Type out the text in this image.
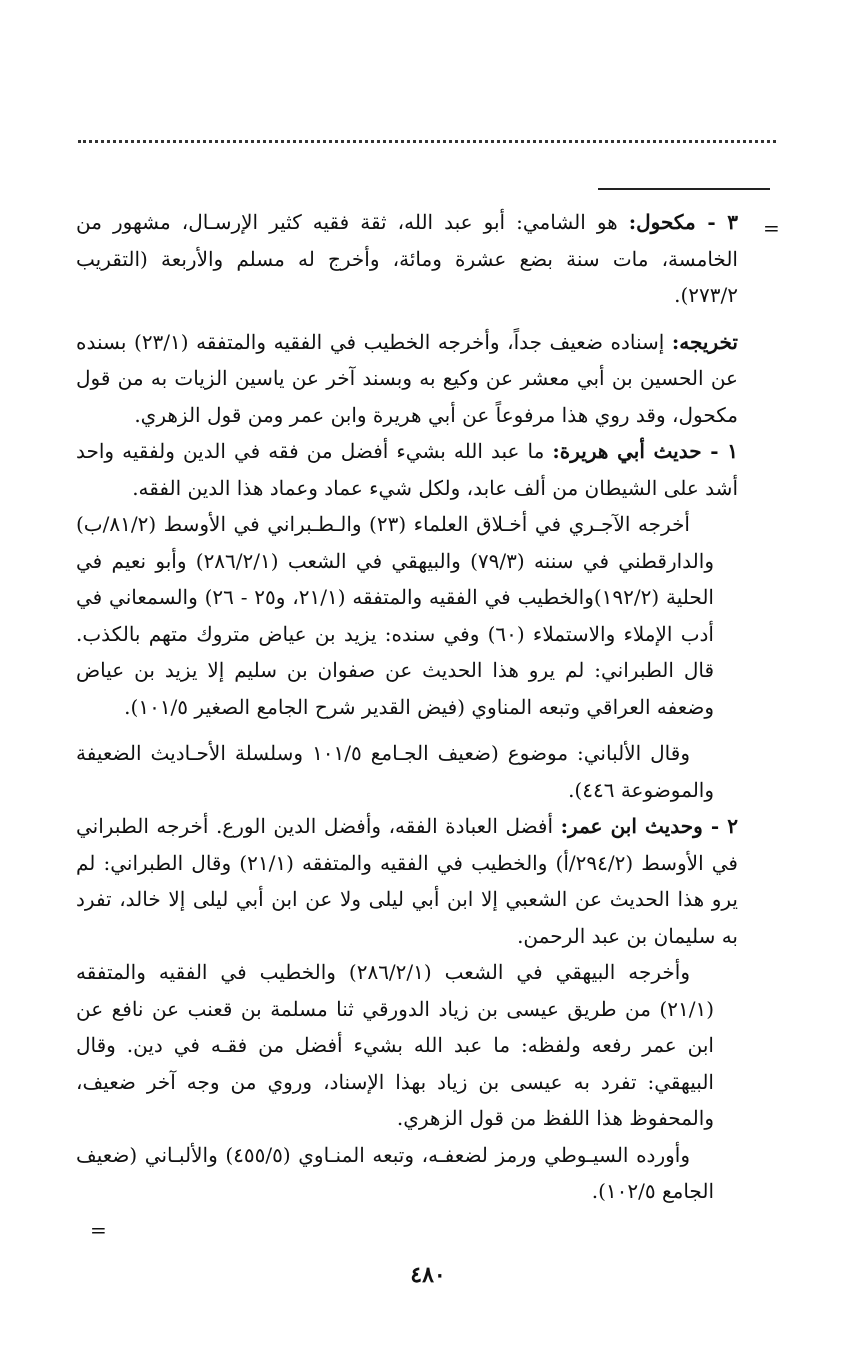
=

٣ - مكحول: هو الشامي: أبو عبد الله، ثقة فقيه كثير الإرسـال، مشهور من الخامسة، مات سنة بضع عشرة ومائة، وأخرج له مسلم والأربعة (التقريب ٢٧٣/٢).

تخريجه: إسناده ضعيف جداً، وأخرجه الخطيب في الفقيه والمتفقه (٢٣/١) بسنده عن الحسين بن أبي معشر عن وكيع به وبسند آخر عن ياسين الزيات به من قول مكحول، وقد روي هذا مرفوعاً عن أبي هريرة وابن عمر ومن قول الزهري.

١ - حديث أبي هريرة: ما عبد الله بشيء أفضل من فقه في الدين ولفقيه واحد أشد على الشيطان من ألف عابد، ولكل شيء عماد وعماد هذا الدين الفقه.

أخرجه الآجـري في أخـلاق العلماء (٢٣) والـطـبراني في الأوسط (٨١/٢/ب) والدارقطني في سننه (٧٩/٣) والبيهقي في الشعب (٢٨٦/٢/١) وأبو نعيم في الحلية (١٩٢/٢)والخطيب في الفقيه والمتفقه (٢١/١، و٢٥ - ٢٦) والسمعاني في أدب الإملاء والاستملاء (٦٠) وفي سنده: يزيد بن عياض متروك متهم بالكذب. قال الطبراني: لم يرو هذا الحديث عن صفوان بن سليم إلا يزيد بن عياض وضعفه العراقي وتبعه المناوي (فيض القدير شرح الجامع الصغير ١٠١/٥).

وقال الألباني: موضوع (ضعيف الجـامع ١٠١/٥ وسلسلة الأحـاديث الضعيفة والموضوعة ٤٤٦).

٢ - وحديث ابن عمر: أفضل العبادة الفقه، وأفضل الدين الورع. أخرجه الطبراني في الأوسط (٢٩٤/٢/أ) والخطيب في الفقيه والمتفقه (٢١/١) وقال الطبراني: لم يرو هذا الحديث عن الشعبي إلا ابن أبي ليلى ولا عن ابن أبي ليلى إلا خالد، تفرد به سليمان بن عبد الرحمن.

وأخرجه البيهقي في الشعب (٢٨٦/٢/١) والخطيب في الفقيه والمتفقه (٢١/١) من طريق عيسى بن زياد الدورقي ثنا مسلمة بن قعنب عن نافع عن ابن عمر رفعه ولفظه: ما عبد الله بشيء أفضل من فقـه في دين. وقال البيهقي: تفرد به عيسى بن زياد بهذا الإسناد، وروي من وجه آخر ضعيف، والمحفوظ هذا اللفظ من قول الزهري.

وأورده السيـوطي ورمز لضعفـه، وتبعه المنـاوي (٤٥٥/٥) والألبـاني (ضعيف الجامع ١٠٢/٥).

=
٤٨٠
